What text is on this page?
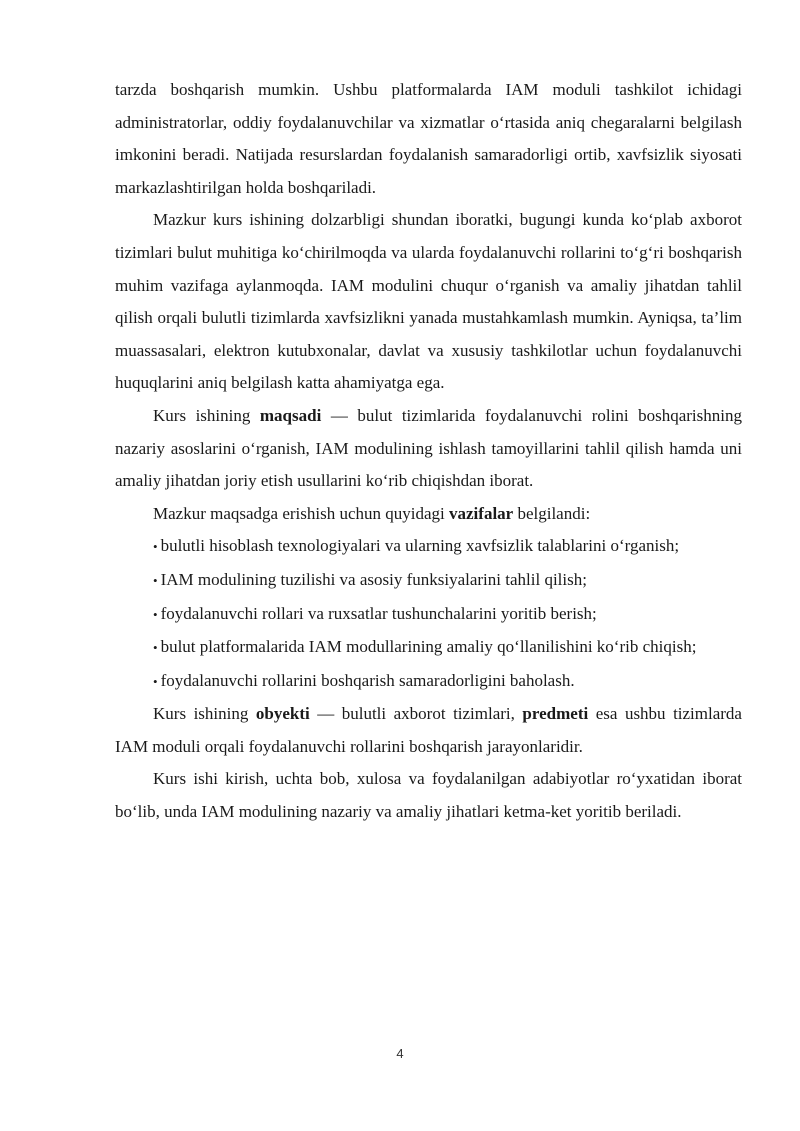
tarzda boshqarish mumkin. Ushbu platformalarda IAM moduli tashkilot ichidagi administratorlar, oddiy foydalanuvchilar va xizmatlar o‘rtasida aniq chegaralarni belgilash imkonini beradi. Natijada resurslardan foydalanish samaradorligi ortib, xavfsizlik siyosati markazlashtirilgan holda boshqariladi.

Mazkur kurs ishining dolzarbligi shundan iboratki, bugungi kunda ko‘plab axborot tizimlari bulut muhitiga ko‘chirilmoqda va ularda foydalanuvchi rollarini to‘g‘ri boshqarish muhim vazifaga aylanmoqda. IAM modulini chuqur o‘rganish va amaliy jihatdan tahlil qilish orqali bulutli tizimlarda xavfsizlikni yanada mustahkamlash mumkin. Ayniqsa, ta’lim muassasalari, elektron kutubxonalar, davlat va xususiy tashkilotlar uchun foydalanuvchi huquqlarini aniq belgilash katta ahamiyatga ega.

Kurs ishining maqsadi — bulut tizimlarida foydalanuvchi rolini boshqarishning nazariy asoslarini o‘rganish, IAM modulining ishlash tamoyillarini tahlil qilish hamda uni amaliy jihatdan joriy etish usullarini ko‘rib chiqishdan iborat.

Mazkur maqsadga erishish uchun quyidagi vazifalar belgilandi:

• bulutli hisoblash texnologiyalari va ularning xavfsizlik talablarini o‘rganish;

• IAM modulining tuzilishi va asosiy funksiyalarini tahlil qilish;

• foydalanuvchi rollari va ruxsatlar tushunchalarini yoritib berish;

• bulut platformalarida IAM modullarining amaliy qo‘llanilishini ko‘rib chiqish;

• foydalanuvchi rollarini boshqarish samaradorligini baholash.

Kurs ishining obyekti — bulutli axborot tizimlari, predmeti esa ushbu tizimlarda IAM moduli orqali foydalanuvchi rollarini boshqarish jarayonlaridir.

Kurs ishi kirish, uchta bob, xulosa va foydalanilgan adabiyotlar ro‘yxatidan iborat bo‘lib, unda IAM modulining nazariy va amaliy jihatlari ketma-ket yoritib beriladi.

4
